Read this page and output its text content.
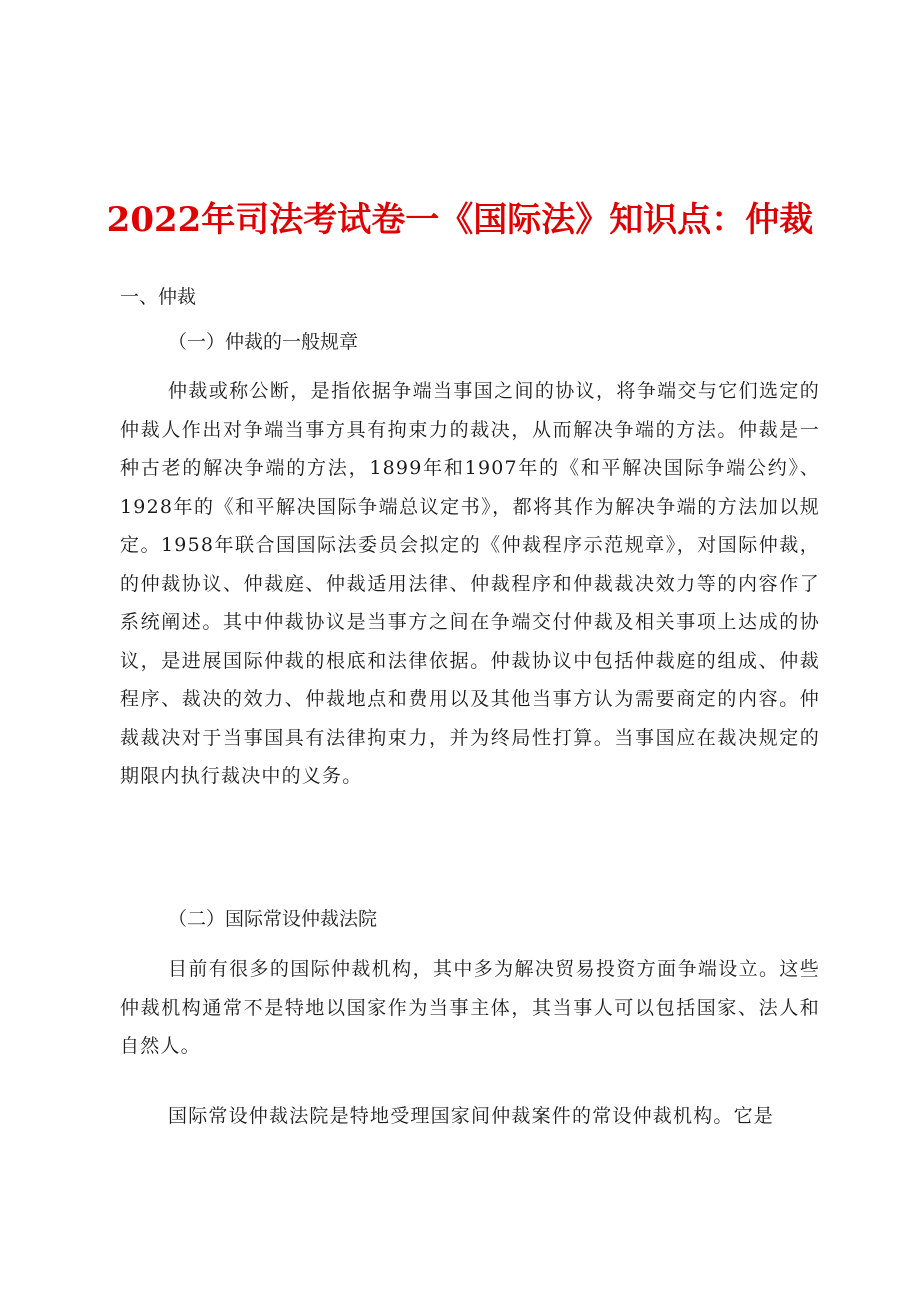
2022年司法考试卷一《国际法》知识点：仲裁
一、仲裁
（一）仲裁的一般规章
仲裁或称公断，是指依据争端当事国之间的协议，将争端交与它们选定的仲裁人作出对争端当事方具有拘束力的裁决，从而解决争端的方法。仲裁是一种古老的解决争端的方法，1899年和1907年的《和平解决国际争端公约》、1928年的《和平解决国际争端总议定书》，都将其作为解决争端的方法加以规定。1958年联合国国际法委员会拟定的《仲裁程序示范规章》，对国际仲裁，的仲裁协议、仲裁庭、仲裁适用法律、仲裁程序和仲裁裁决效力等的内容作了系统阐述。其中仲裁协议是当事方之间在争端交付仲裁及相关事项上达成的协议，是进展国际仲裁的根底和法律依据。仲裁协议中包括仲裁庭的组成、仲裁程序、裁决的效力、仲裁地点和费用以及其他当事方认为需要商定的内容。仲裁裁决对于当事国具有法律拘束力，并为终局性打算。当事国应在裁决规定的期限内执行裁决中的义务。
（二）国际常设仲裁法院
目前有很多的国际仲裁机构，其中多为解决贸易投资方面争端设立。这些仲裁机构通常不是特地以国家作为当事主体，其当事人可以包括国家、法人和自然人。
国际常设仲裁法院是特地受理国家间仲裁案件的常设仲裁机构。它是
